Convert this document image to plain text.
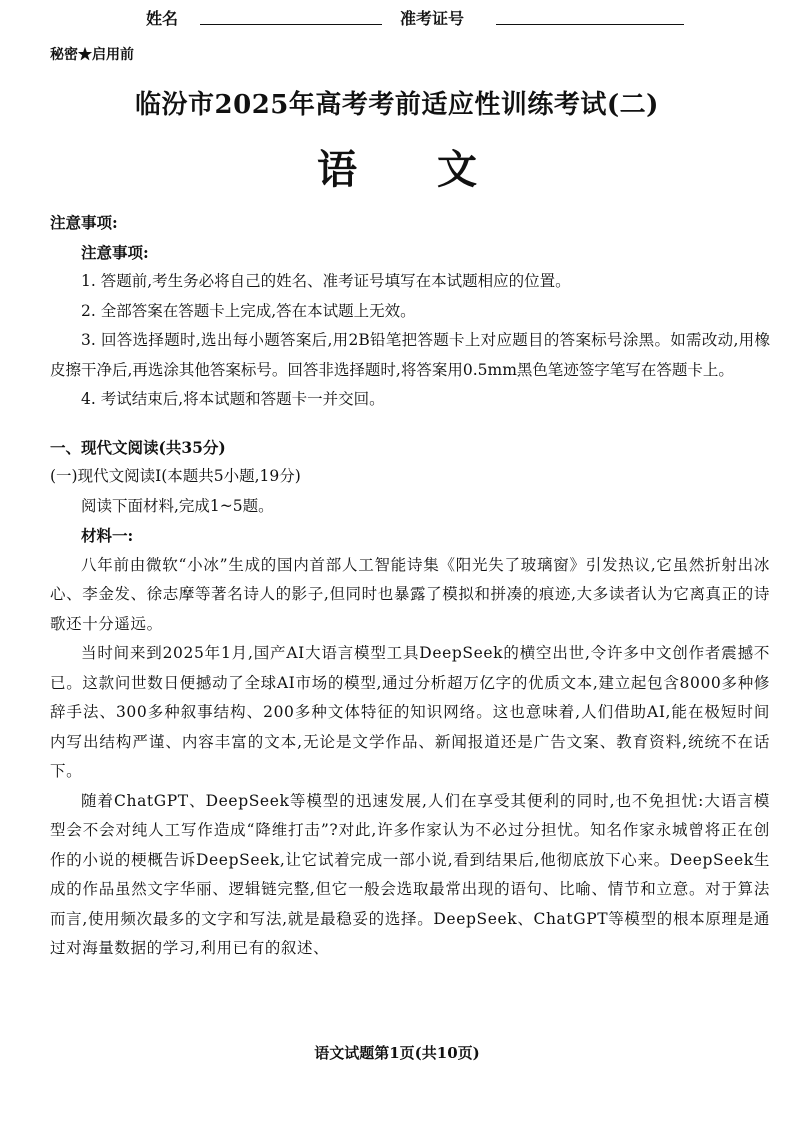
姓名	准考证号
秘密★启用前
临汾市2025年高考考前适应性训练考试(二)
语文

注意事项:

注意事项:

1. 答题前,考生务必将自己的姓名、准考证号填写在本试题相应的位置。

2. 全部答案在答题卡上完成,答在本试题上无效。

3. 回答选择题时,选出每小题答案后,用2B铅笔把答题卡上对应题目的答案标号涂黑。如需改动,用橡皮擦干净后,再选涂其他答案标号。回答非选择题时,将答案用0.5mm黑色笔迹签字笔写在答题卡上。

4. 考试结束后,将本试题和答题卡一并交回。

一、现代文阅读(共35分)

(一)现代文阅读Ⅰ(本题共5小题,19分)

阅读下面材料,完成1~5题。

材料一:

八年前由微软“小冰”生成的国内首部人工智能诗集《阳光失了玻璃窗》引发热议,它虽然折射出冰心、李金发、徐志摩等著名诗人的影子,但同时也暴露了模拟和拼凑的痕迹,大多读者认为它离真正的诗歌还十分遥远。

当时间来到2025年1月,国产AI大语言模型工具DeepSeek的横空出世,令许多中文创作者震撼不已。这款问世数日便撼动了全球AI市场的模型,通过分析超万亿字的优质文本,建立起包含8000多种修辞手法、300多种叙事结构、200多种文体特征的知识网络。这也意味着,人们借助AI,能在极短时间内写出结构严谨、内容丰富的文本,无论是文学作品、新闻报道还是广告文案、教育资料,统统不在话下。

随着ChatGPT、DeepSeek等模型的迅速发展,人们在享受其便利的同时,也不免担忧:大语言模型会不会对纯人工写作造成“降维打击”?对此,许多作家认为不必过分担忧。知名作家永城曾将正在创作的小说的梗概告诉DeepSeek,让它试着完成一部小说,看到结果后,他彻底放下心来。DeepSeek生成的作品虽然文字华丽、逻辑链完整,但它一般会选取最常出现的语句、比喻、情节和立意。对于算法而言,使用频次最多的文字和写法,就是最稳妥的选择。DeepSeek、ChatGPT等模型的根本原理是通过对海量数据的学习,利用已有的叙述、

语文试题第1页(共10页)
